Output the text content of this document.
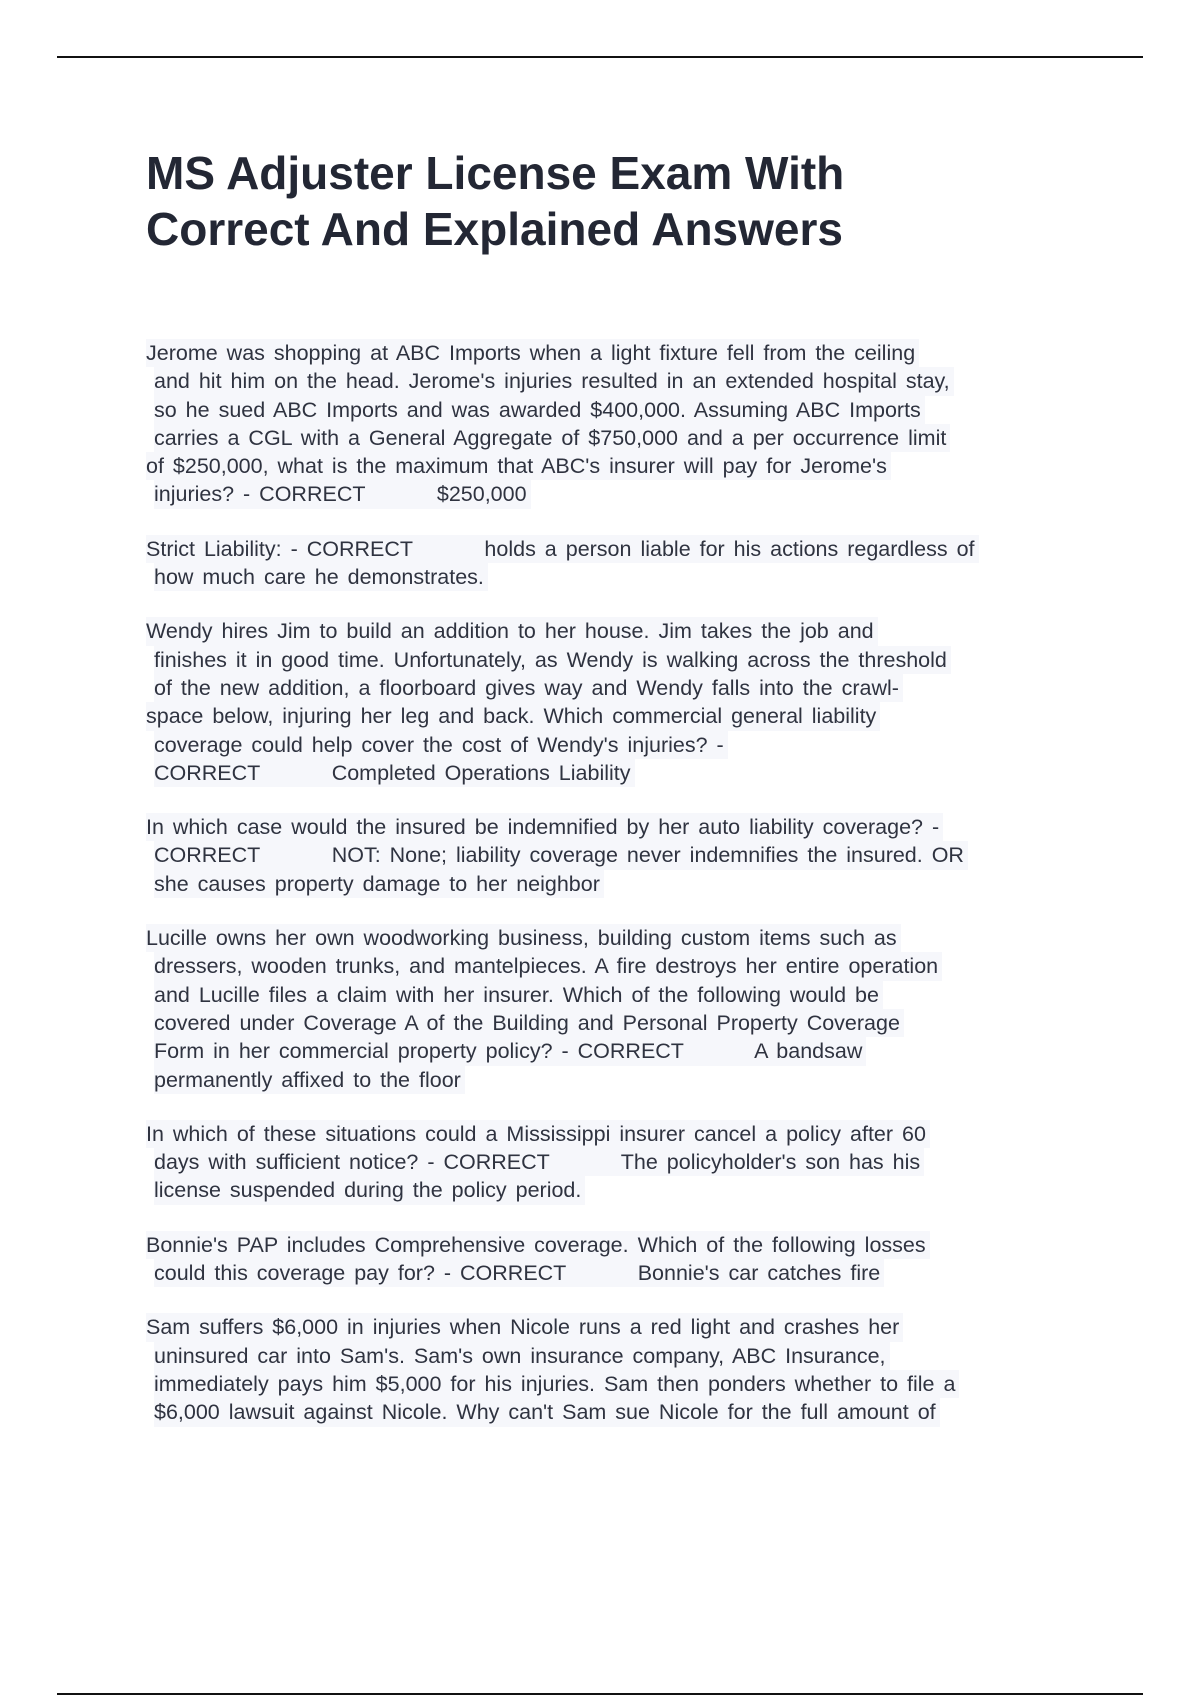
MS Adjuster License Exam With
Correct And Explained Answers
Jerome was shopping at ABC Imports when a light fixture fell from the ceiling
and hit him on the head. Jerome's injuries resulted in an extended hospital stay,
so he sued ABC Imports and was awarded $400,000. Assuming ABC Imports
carries a CGL with a General Aggregate of $750,000 and a per occurrence limit
of $250,000, what is the maximum that ABC's insurer will pay for Jerome's
injuries? - CORRECT        $250,000
Strict Liability: - CORRECT        holds a person liable for his actions regardless of
how much care he demonstrates.
Wendy hires Jim to build an addition to her house. Jim takes the job and
finishes it in good time. Unfortunately, as Wendy is walking across the threshold
of the new addition, a floorboard gives way and Wendy falls into the crawl-
space below, injuring her leg and back. Which commercial general liability
coverage could help cover the cost of Wendy's injuries? -
CORRECT        Completed Operations Liability
In which case would the insured be indemnified by her auto liability coverage? -
CORRECT        NOT: None; liability coverage never indemnifies the insured. OR
she causes property damage to her neighbor
Lucille owns her own woodworking business, building custom items such as
dressers, wooden trunks, and mantelpieces. A fire destroys her entire operation
and Lucille files a claim with her insurer. Which of the following would be
covered under Coverage A of the Building and Personal Property Coverage
Form in her commercial property policy? - CORRECT        A bandsaw
permanently affixed to the floor
In which of these situations could a Mississippi insurer cancel a policy after 60
days with sufficient notice? - CORRECT        The policyholder's son has his
license suspended during the policy period.
Bonnie's PAP includes Comprehensive coverage. Which of the following losses
could this coverage pay for? - CORRECT        Bonnie's car catches fire
Sam suffers $6,000 in injuries when Nicole runs a red light and crashes her
uninsured car into Sam's. Sam's own insurance company, ABC Insurance,
immediately pays him $5,000 for his injuries. Sam then ponders whether to file a
$6,000 lawsuit against Nicole. Why can't Sam sue Nicole for the full amount of
